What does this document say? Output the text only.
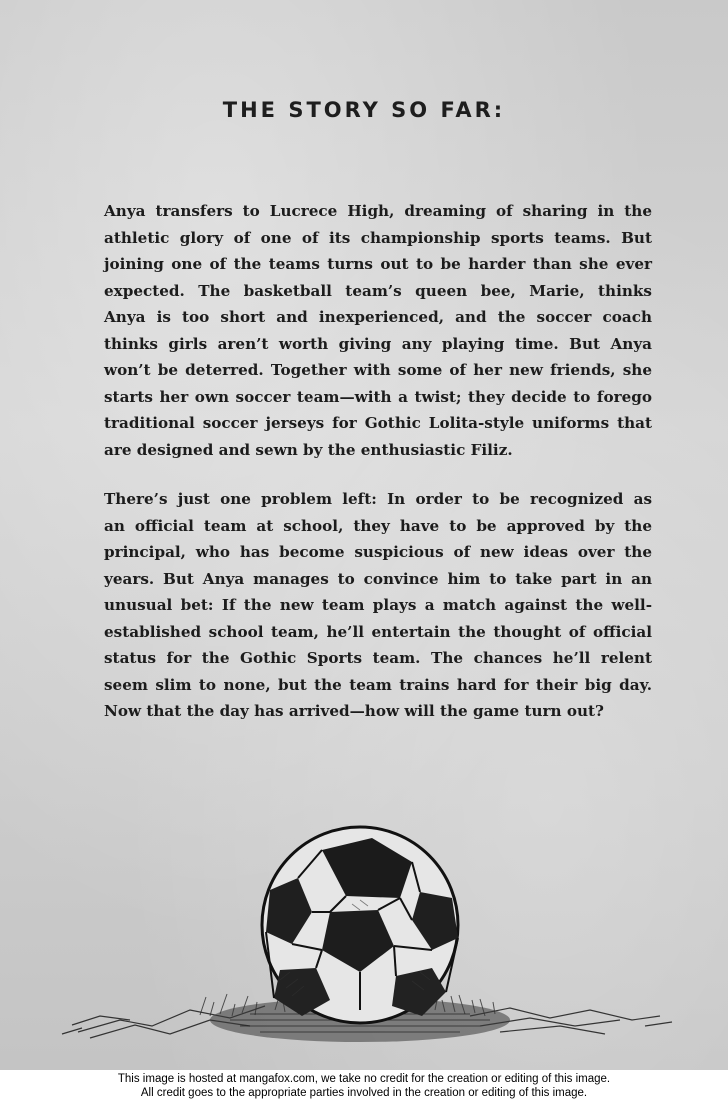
THE STORY SO FAR:

Anya transfers to Lucrece High, dreaming of sharing in the
athletic glory of one of its championship sports teams. But
joining one of the teams turns out to be harder than she ever
expected. The basketball team’s queen bee, Marie, thinks
Anya is too short and inexperienced, and the soccer coach
thinks girls aren’t worth giving any playing time. But Anya
won’t be deterred. Together with some of her new friends, she
starts her own soccer team—with a twist; they decide to forego
traditional soccer jerseys for Gothic Lolita-style uniforms that
are designed and sewn by the enthusiastic Filiz.

There’s just one problem left: In order to be recognized as
an official team at school, they have to be approved by the
principal, who has become suspicious of new ideas over the
years. But Anya manages to convince him to take part in an
unusual bet: If the new team plays a match against the well-
established school team, he’ll entertain the thought of official
status for the Gothic Sports team. The chances he’ll relent
seem slim to none, but the team trains hard for their big day.
Now that the day has arrived—how will the game turn out?

This image is hosted at mangafox.com, we take no credit for the creation or editing of this image.
All credit goes to the appropriate parties involved in the creation or editing of this image.
